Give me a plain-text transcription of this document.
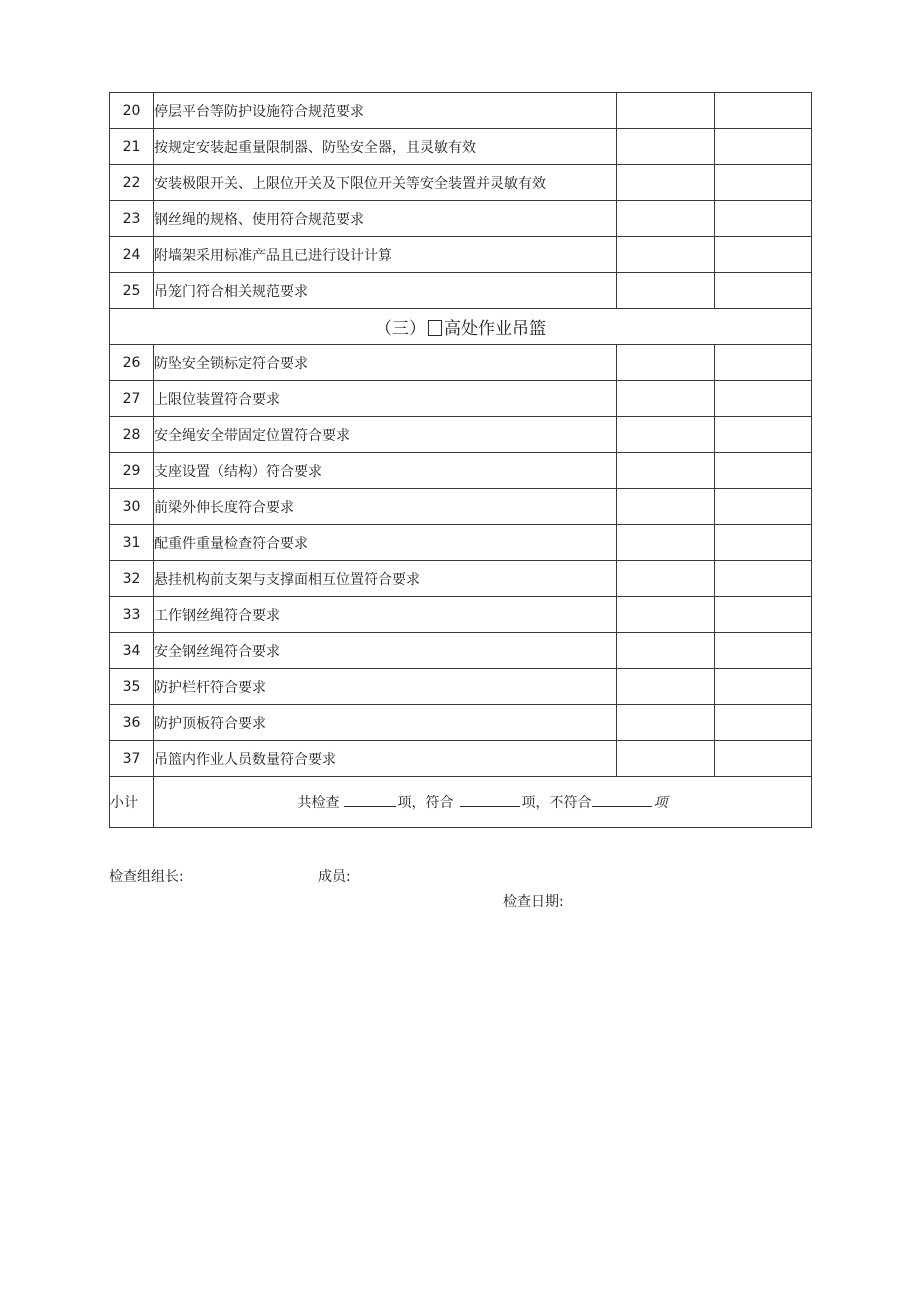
20	停层平台等防护设施符合规范要求		
21	按规定安装起重量限制器、防坠安全器，且灵敏有效		
22	安装极限开关、上限位开关及下限位开关等安全装置并灵敏有效		
23	钢丝绳的规格、使用符合规范要求		
24	附墙架采用标准产品且已进行设计计算		
25	吊笼门符合相关规范要求		
（三） 高处作业吊篮			
26	防坠安全锁标定符合要求		
27	上限位装置符合要求		
28	安全绳安全带固定位置符合要求		
29	支座设置（结构）符合要求		
30	前梁外伸长度符合要求		
31	配重件重量检查符合要求		
32	悬挂机构前支架与支撑面相互位置符合要求		
33	工作钢丝绳符合要求		
34	安全钢丝绳符合要求		
35	防护栏杆符合要求		
36	防护顶板符合要求		
37	吊篮内作业人员数量符合要求		
小计	共检查 项，符合 项，不符合 项		
检查组组长:	成员:
检查日期:
